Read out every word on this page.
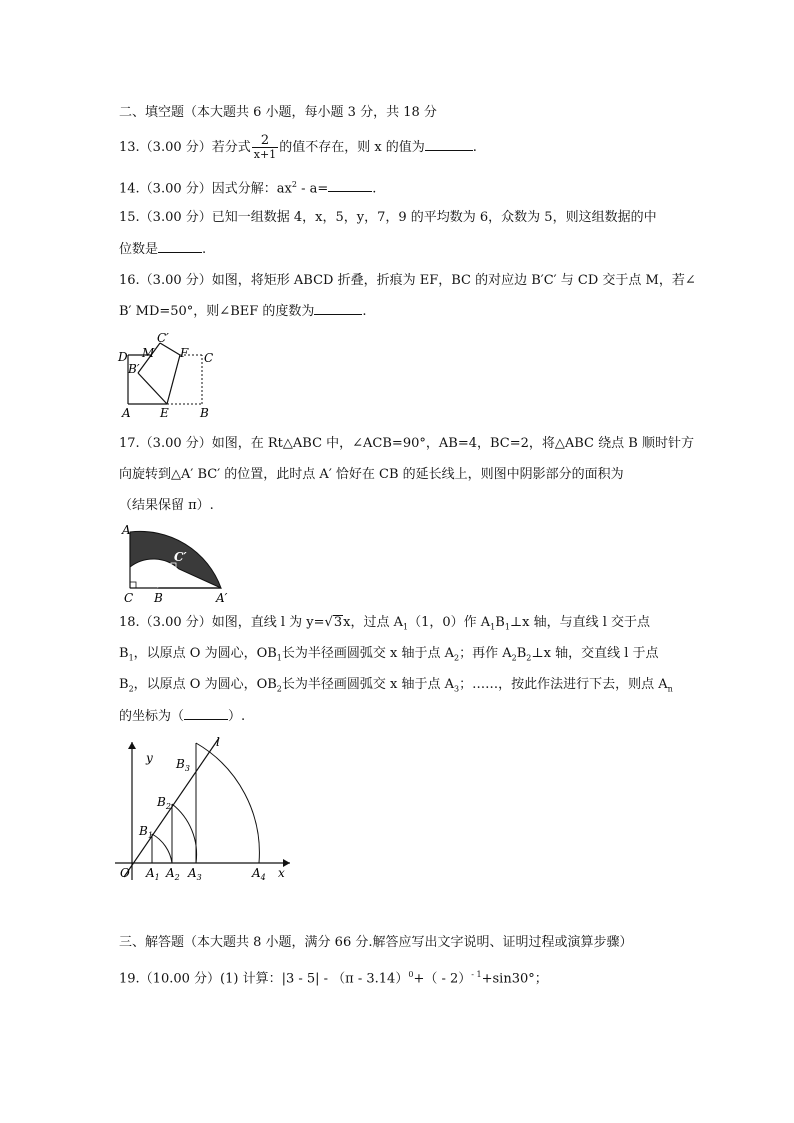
二、填空题（本大题共 6 小题，每小题 3 分，共 18 分
13.（3.00 分）若分式 $\frac{2}{x+1}$ 的值不存在，则 x 的值为	.
14.（3.00 分）因式分解：$ax^2 - a=$	.
15.（3.00 分）已知一组数据 4，x，5，y，7，9 的平均数为 6，众数为 5，则这组数据的中
位数是	.
16.（3.00 分）如图，将矩形 ABCD 折叠，折痕为 EF，BC 的对应边 B′C′ 与 CD 交于点 M，若∠
B′ MD=50°，则∠BEF 的度数为	.
D M
C′
F C
B′
A E	B
17.（3.00 分）如图，在 Rt△ABC 中，∠ACB=90°，AB=4，BC=2，将△ABC 绕点 B 顺时针方
向旋转到△A′ BC′ 的位置，此时点 A′ 恰好在 CB 的延长线上，则图中阴影部分的面积为
（结果保留 π）.
A
C′
C B	A′
18.（3.00 分）如图，直线 l 为 y=√3x，过点 $A_1(1$，0）作 $A_1B_1\perp x$ 轴，与直线 l 交于点
$B_1$，以原点 O 为圆心，$OB_1$长为半径画圆弧交 x 轴于点 $A_2$；再作 $A_2B_2\perp x$ 轴，交直线 l 于点
$B_2$，以原点 O 为圆心，$OB_2$长为半径画圆弧交 x 轴于点 $A_3$；……，按此作法进行下去，则点 $A_n$
的坐标为（	）.
y
l
$B_3$
$B_2$
$B_1$
O $A_1$ $A_2$ $A_3$	$A_4$ x
三、解答题（本大题共 8 小题，满分 66 分.解答应写出文字说明、证明过程或演算步骤）
19.（10.00 分）(1) 计算：|3 - 5| - （π - 3.14）$^0$+（ - 2）$^{- 1}$+sin30°；
